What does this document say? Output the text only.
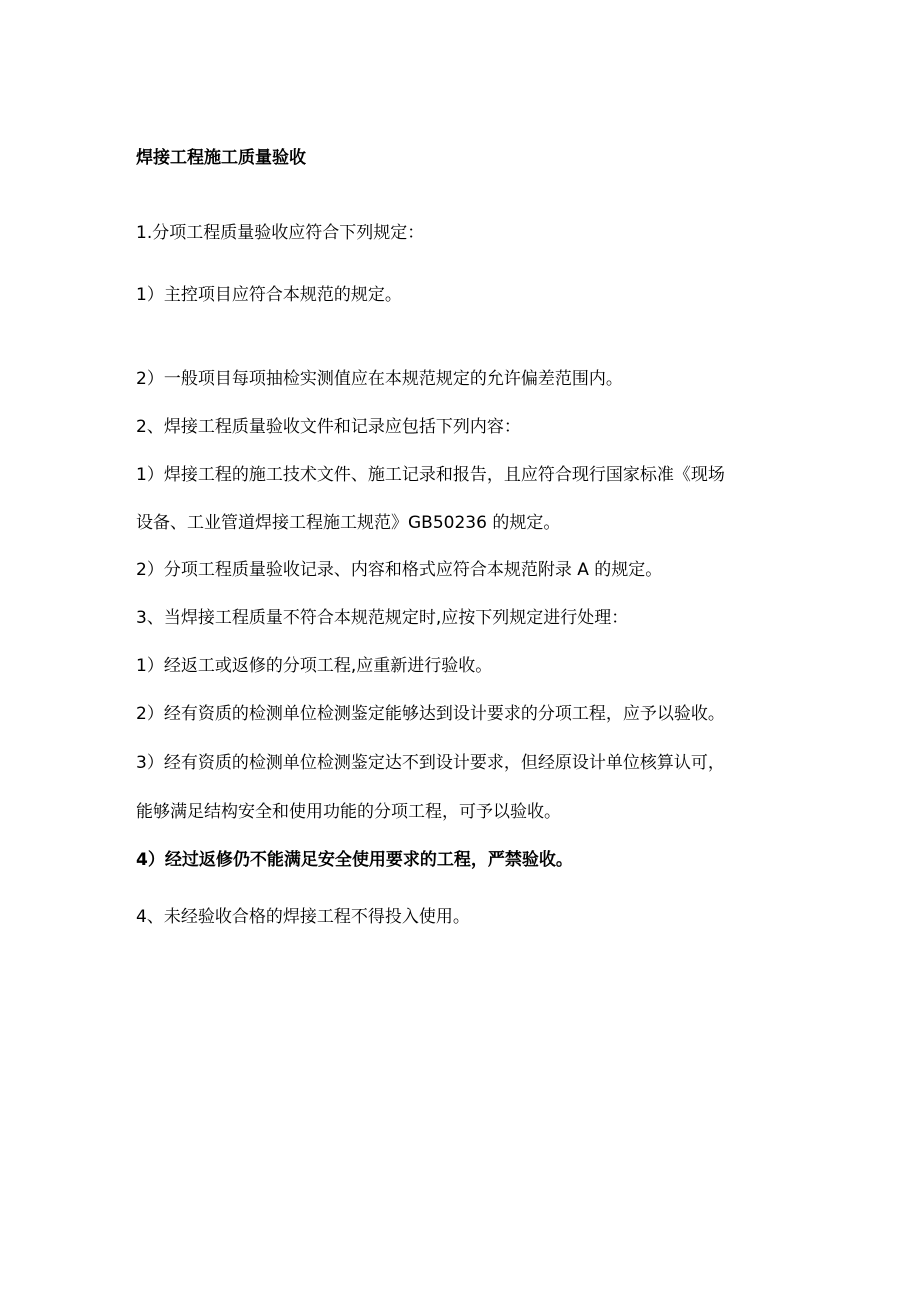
焊接工程施工质量验收
1.分项工程质量验收应符合下列规定：
1）主控项目应符合本规范的规定。
2）一般项目每项抽检实测值应在本规范规定的允许偏差范围内。
2、焊接工程质量验收文件和记录应包括下列内容：
1）焊接工程的施工技术文件、施工记录和报告，且应符合现行国家标准《现场
设备、工业管道焊接工程施工规范》GB50236 的规定。
2）分项工程质量验收记录、内容和格式应符合本规范附录 A 的规定。
3、当焊接工程质量不符合本规范规定时,应按下列规定进行处理：
1）经返工或返修的分项工程,应重新进行验收。
2）经有资质的检测单位检测鉴定能够达到设计要求的分项工程，应予以验收。
3）经有资质的检测单位检测鉴定达不到设计要求，但经原设计单位核算认可，
能够满足结构安全和使用功能的分项工程，可予以验收。
4）经过返修仍不能满足安全使用要求的工程，严禁验收。
4、未经验收合格的焊接工程不得投入使用。
